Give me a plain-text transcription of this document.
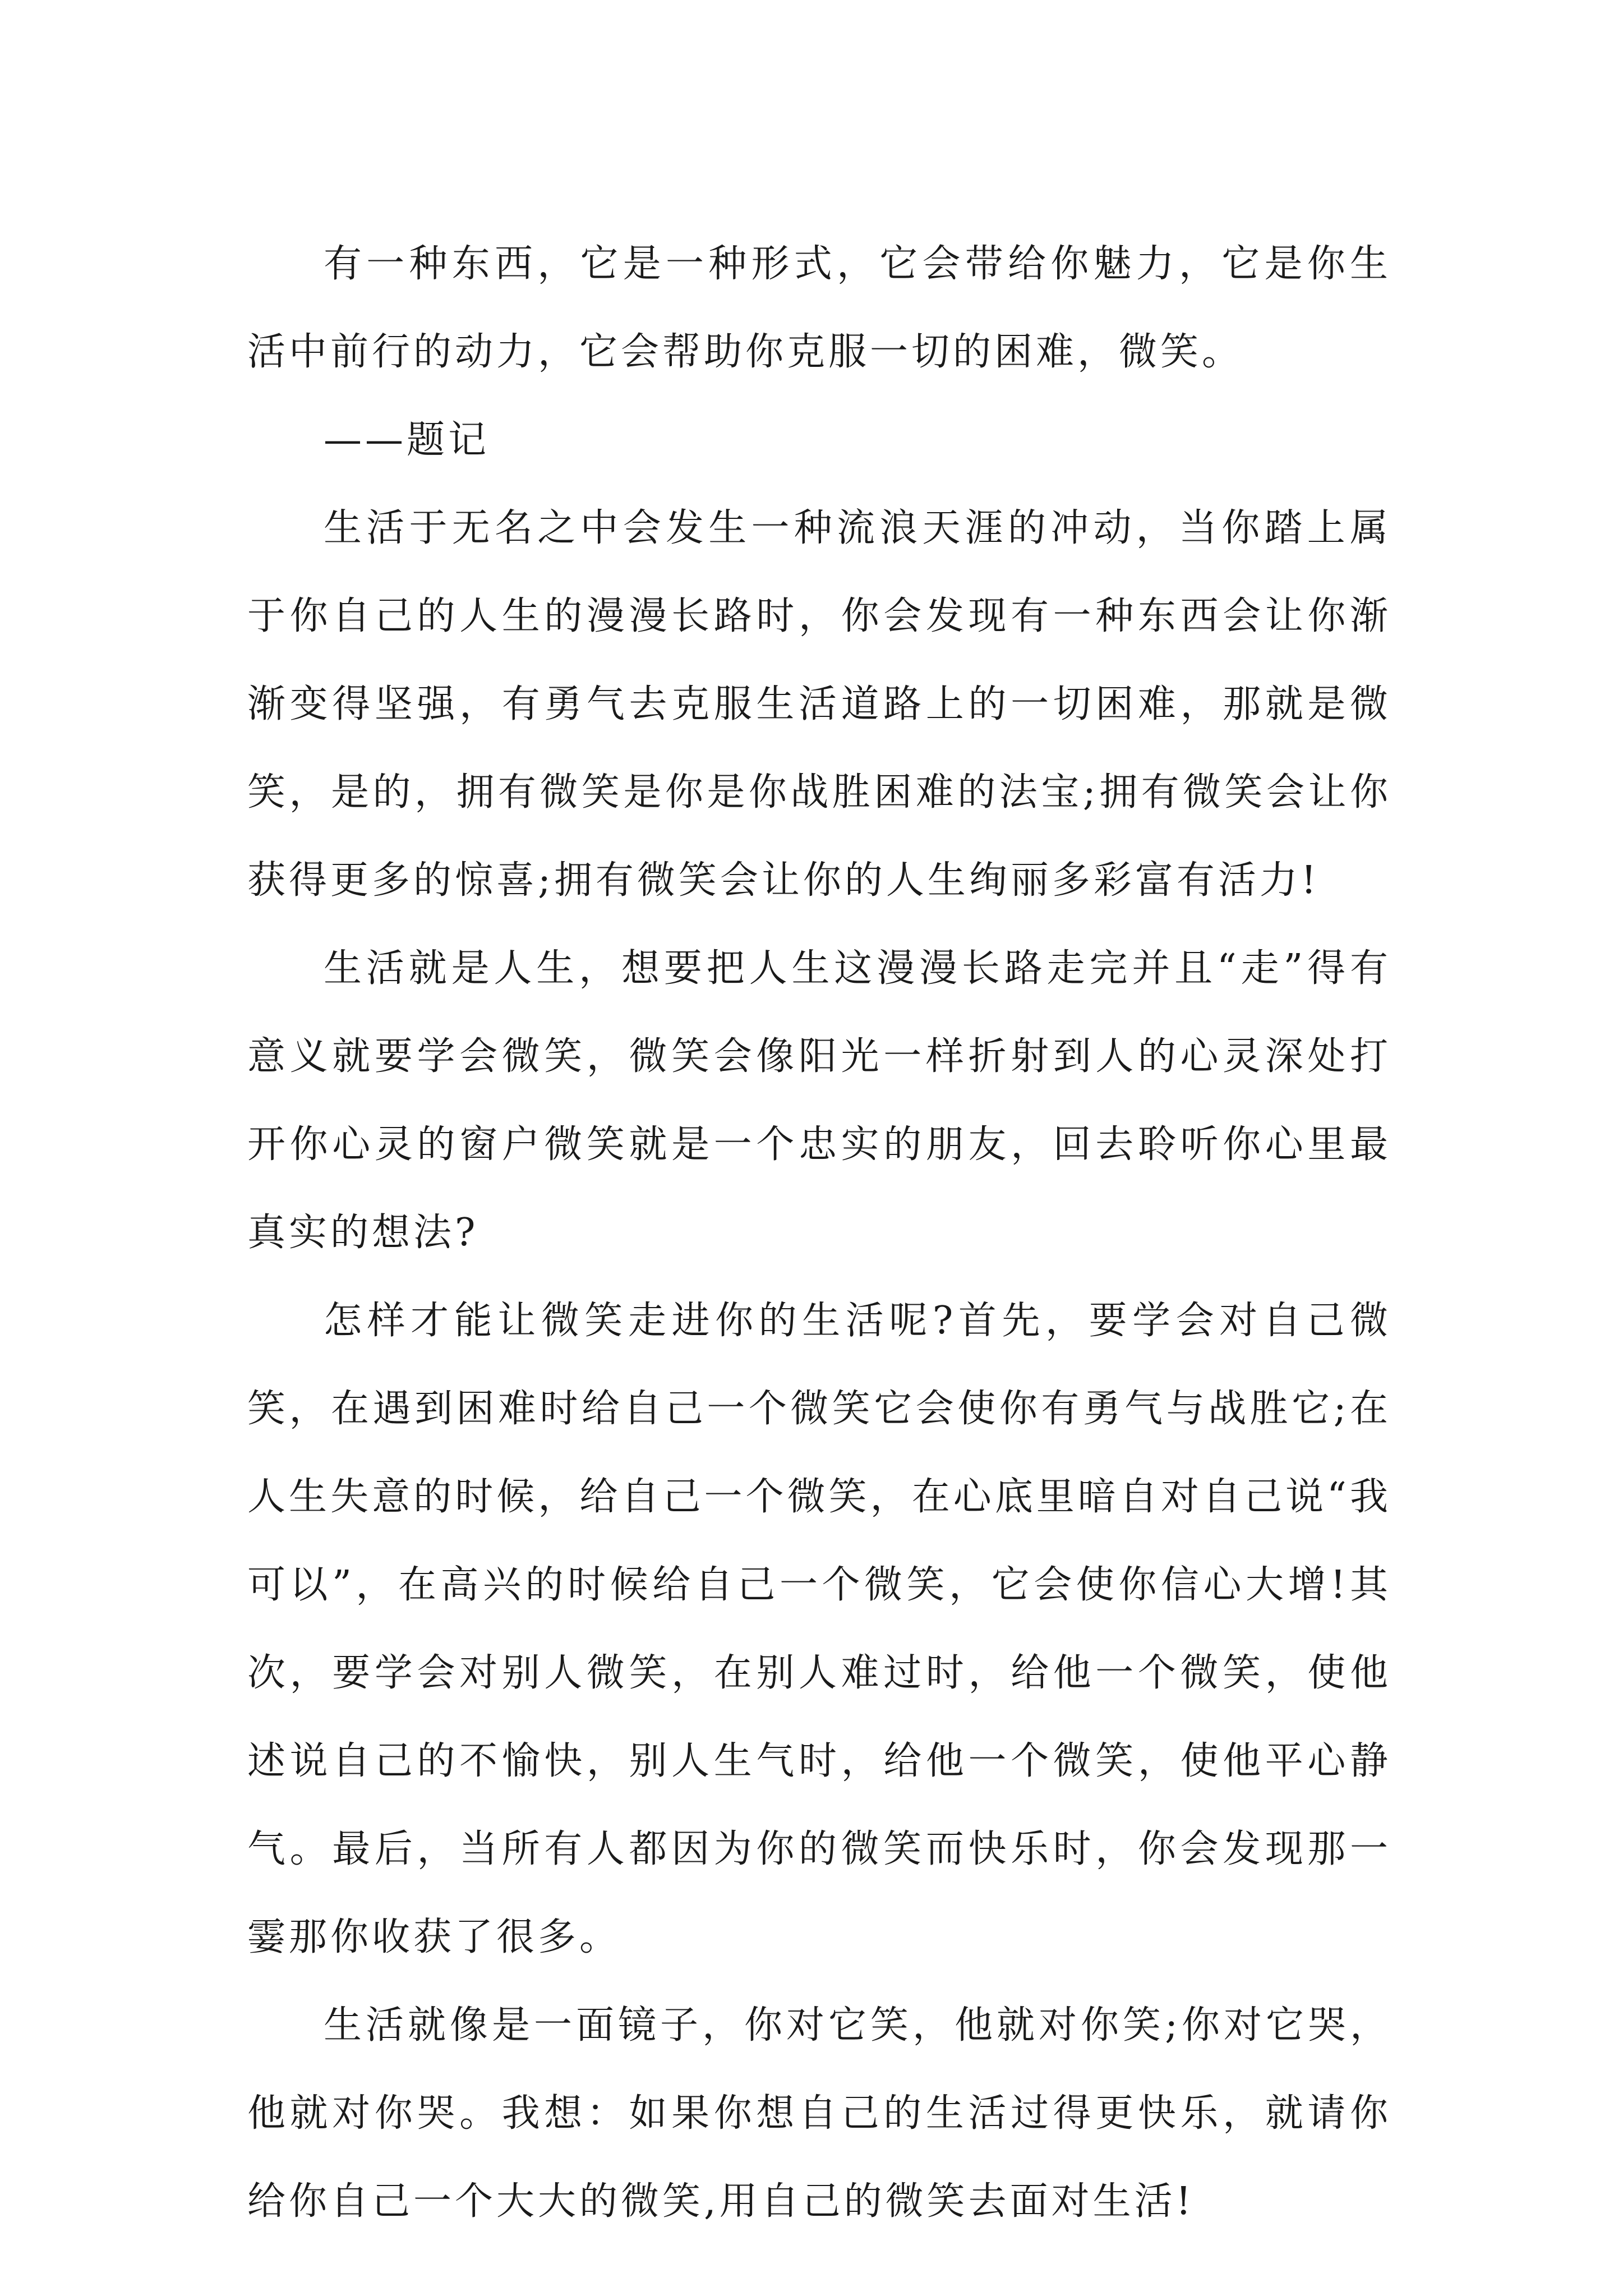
有一种东西，它是一种形式，它会带给你魅力，它是你生活中前行的动力，它会帮助你克服一切的困难，微笑。

——题记

生活于无名之中会发生一种流浪天涯的冲动，当你踏上属于你自己的人生的漫漫长路时，你会发现有一种东西会让你渐渐变得坚强，有勇气去克服生活道路上的一切困难，那就是微笑，是的，拥有微笑是你是你战胜困难的法宝;拥有微笑会让你获得更多的惊喜;拥有微笑会让你的人生绚丽多彩富有活力!

生活就是人生，想要把人生这漫漫长路走完并且“走”得有意义就要学会微笑，微笑会像阳光一样折射到人的心灵深处打开你心灵的窗户微笑就是一个忠实的朋友，回去聆听你心里最真实的想法?

怎样才能让微笑走进你的生活呢?首先，要学会对自己微笑，在遇到困难时给自己一个微笑它会使你有勇气与战胜它;在人生失意的时候，给自己一个微笑，在心底里暗自对自己说“我可以”，在高兴的时候给自己一个微笑，它会使你信心大增!其次，要学会对别人微笑，在别人难过时，给他一个微笑，使他述说自己的不愉快，别人生气时，给他一个微笑，使他平心静气。最后，当所有人都因为你的微笑而快乐时，你会发现那一霎那你收获了很多。

生活就像是一面镜子，你对它笑，他就对你笑;你对它哭，他就对你哭。我想：如果你想自己的生活过得更快乐，就请你给你自己一个大大的微笑,用自己的微笑去面对生活!
